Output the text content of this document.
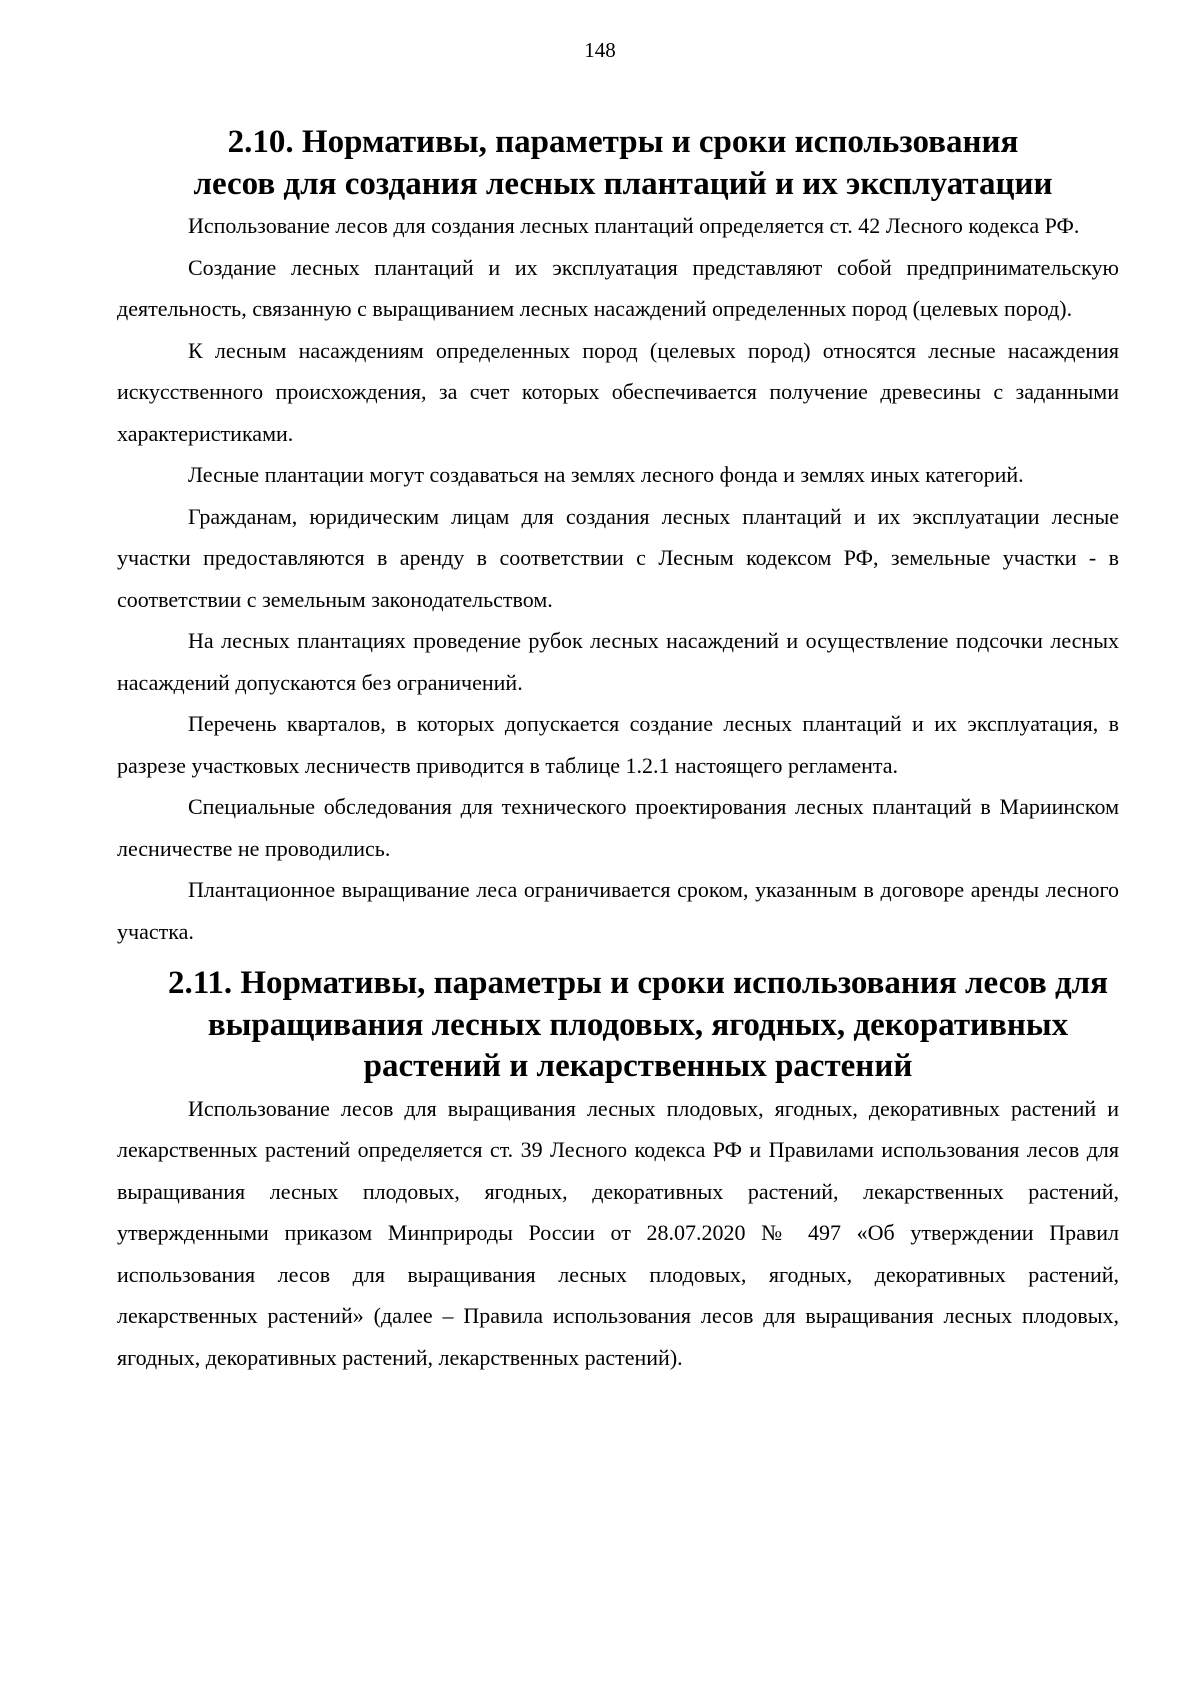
148
2.10. Нормативы, параметры и сроки использования лесов для создания лесных плантаций и их эксплуатации

Использование лесов для создания лесных плантаций определяется ст. 42 Лесного кодекса РФ.

Создание лесных плантаций и их эксплуатация представляют собой предпринимательскую деятельность, связанную с выращиванием лесных насаждений определенных пород (целевых пород).

К лесным насаждениям определенных пород (целевых пород) относятся лесные насаждения искусственного происхождения, за счет которых обеспечивается получение древесины с заданными характеристиками.

Лесные плантации могут создаваться на землях лесного фонда и землях иных категорий.

Гражданам, юридическим лицам для создания лесных плантаций и их эксплуатации лесные участки предоставляются в аренду в соответствии с Лесным кодексом РФ, земельные участки - в соответствии с земельным законодательством.

На лесных плантациях проведение рубок лесных насаждений и осуществление подсочки лесных насаждений допускаются без ограничений.

Перечень кварталов, в которых допускается создание лесных плантаций и их эксплуатация, в разрезе участковых лесничеств приводится в таблице 1.2.1 настоящего регламента.

Специальные обследования для технического проектирования лесных плантаций в Мариинском лесничестве не проводились.

Плантационное выращивание леса ограничивается сроком, указанным в договоре аренды лесного участка.

2.11. Нормативы, параметры и сроки использования лесов для выращивания лесных плодовых, ягодных, декоративных растений и лекарственных растений

Использование лесов для выращивания лесных плодовых, ягодных, декоративных растений и лекарственных растений определяется ст. 39 Лесного кодекса РФ и Правилами использования лесов для выращивания лесных плодовых, ягодных, декоративных растений, лекарственных растений, утвержденными приказом Минприроды России от 28.07.2020 № 497 «Об утверждении Правил использования лесов для выращивания лесных плодовых, ягодных, декоративных растений, лекарственных растений» (далее – Правила использования лесов для выращивания лесных плодовых, ягодных, декоративных растений, лекарственных растений).
